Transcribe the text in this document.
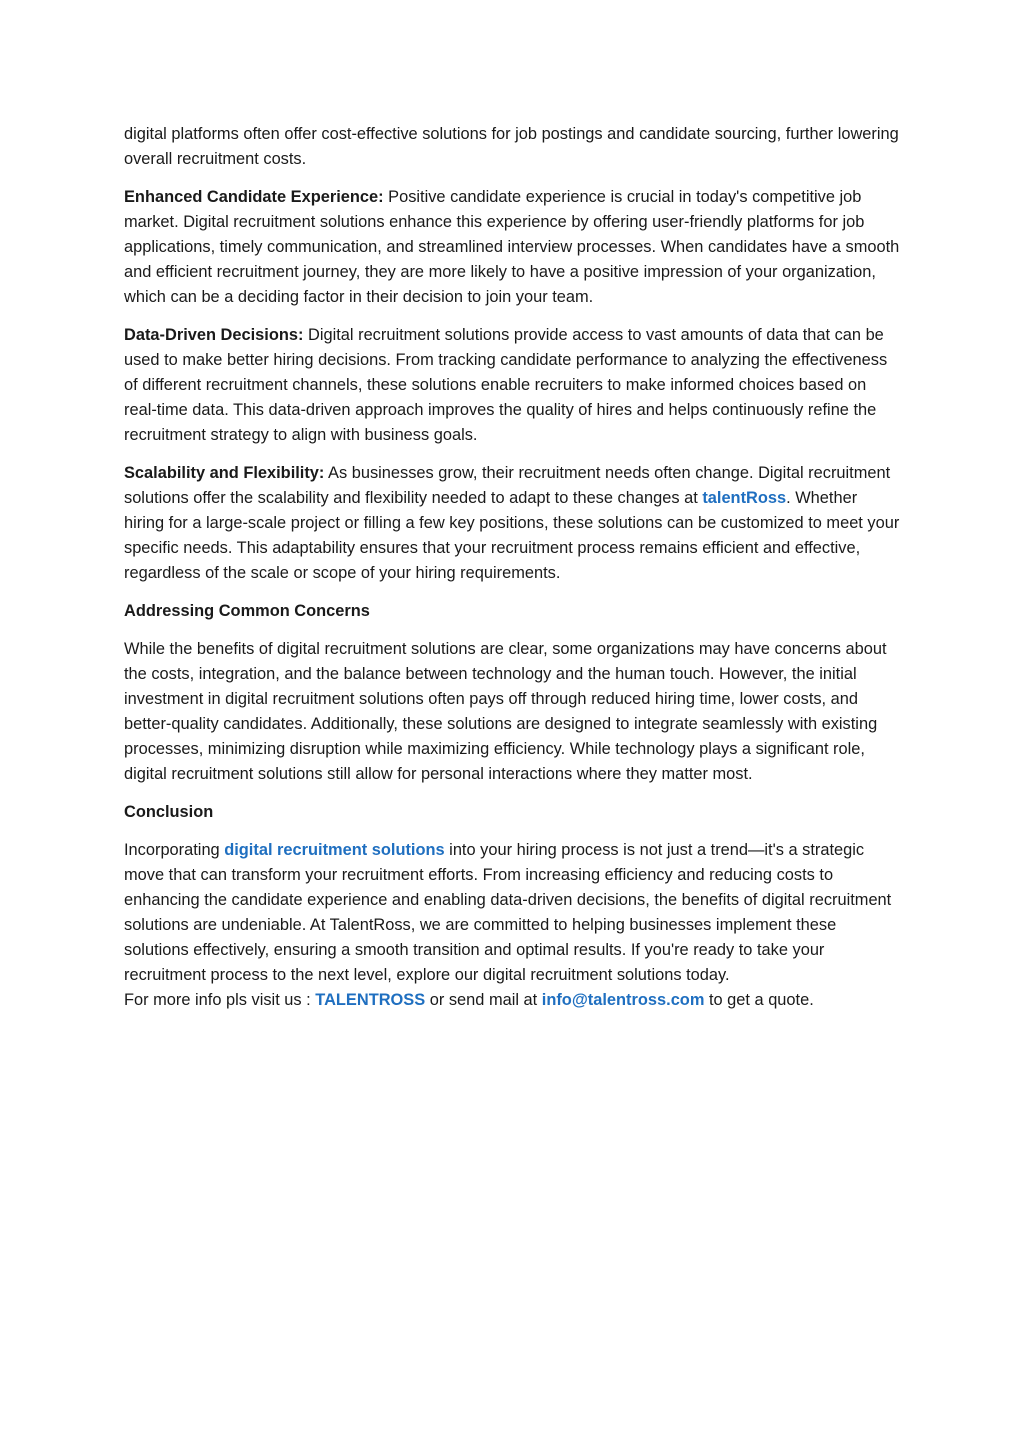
digital platforms often offer cost-effective solutions for job postings and candidate sourcing, further lowering overall recruitment costs.

Enhanced Candidate Experience: Positive candidate experience is crucial in today's competitive job market. Digital recruitment solutions enhance this experience by offering user-friendly platforms for job applications, timely communication, and streamlined interview processes. When candidates have a smooth and efficient recruitment journey, they are more likely to have a positive impression of your organization, which can be a deciding factor in their decision to join your team.

Data-Driven Decisions: Digital recruitment solutions provide access to vast amounts of data that can be used to make better hiring decisions. From tracking candidate performance to analyzing the effectiveness of different recruitment channels, these solutions enable recruiters to make informed choices based on real-time data. This data-driven approach improves the quality of hires and helps continuously refine the recruitment strategy to align with business goals.

Scalability and Flexibility: As businesses grow, their recruitment needs often change. Digital recruitment solutions offer the scalability and flexibility needed to adapt to these changes at talentRoss. Whether hiring for a large-scale project or filling a few key positions, these solutions can be customized to meet your specific needs. This adaptability ensures that your recruitment process remains efficient and effective, regardless of the scale or scope of your hiring requirements.

Addressing Common Concerns

While the benefits of digital recruitment solutions are clear, some organizations may have concerns about the costs, integration, and the balance between technology and the human touch. However, the initial investment in digital recruitment solutions often pays off through reduced hiring time, lower costs, and better-quality candidates. Additionally, these solutions are designed to integrate seamlessly with existing processes, minimizing disruption while maximizing efficiency. While technology plays a significant role, digital recruitment solutions still allow for personal interactions where they matter most.

Conclusion

Incorporating digital recruitment solutions into your hiring process is not just a trend—it's a strategic move that can transform your recruitment efforts. From increasing efficiency and reducing costs to enhancing the candidate experience and enabling data-driven decisions, the benefits of digital recruitment solutions are undeniable. At TalentRoss, we are committed to helping businesses implement these solutions effectively, ensuring a smooth transition and optimal results. If you're ready to take your recruitment process to the next level, explore our digital recruitment solutions today.

For more info pls visit us : TALENTROSS or send mail at info@talentross.com to get a quote.
